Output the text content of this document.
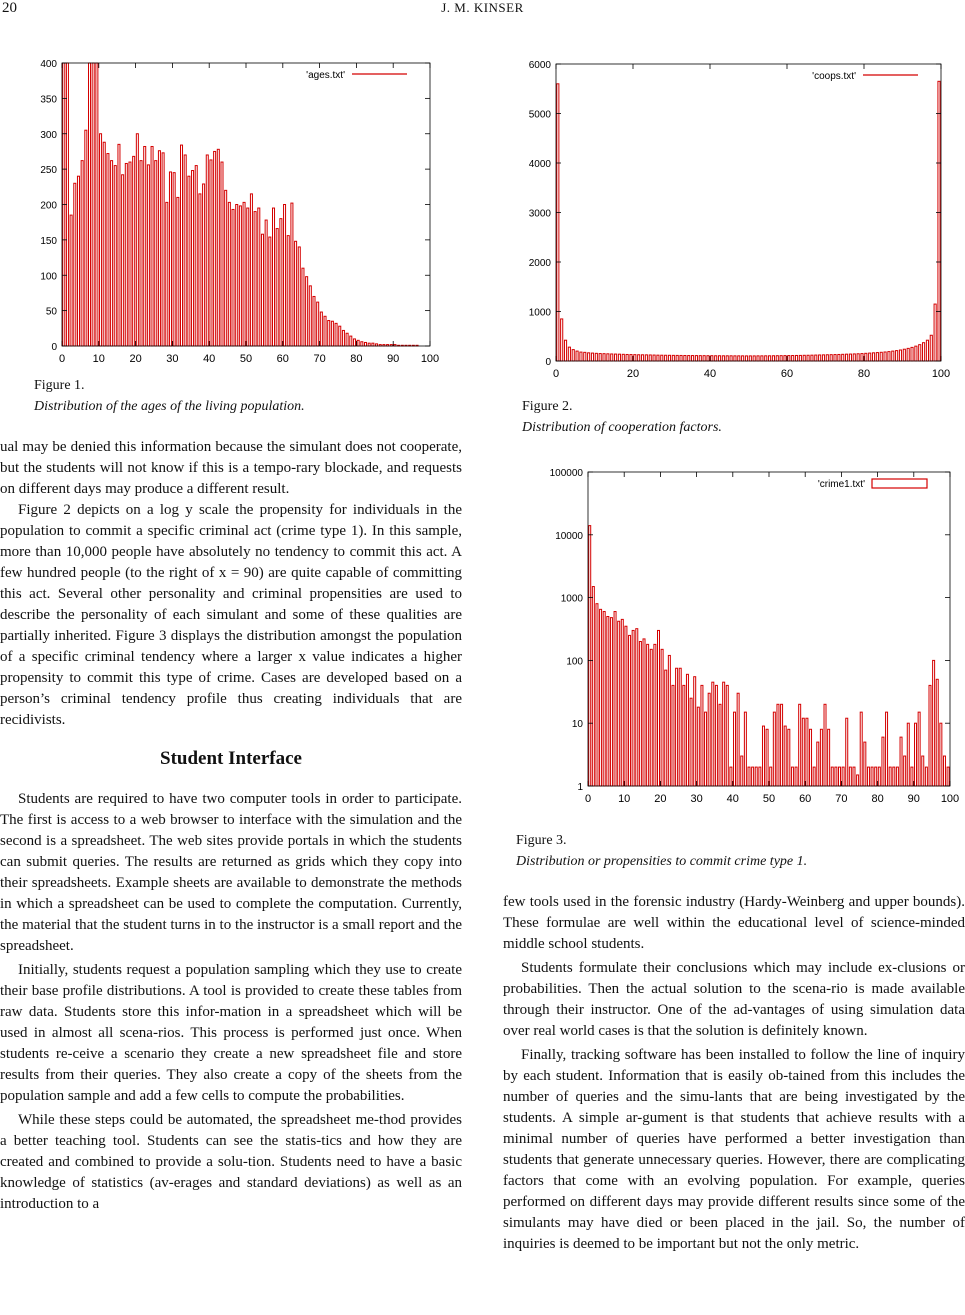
20	J. M. KINSER
0	10 20 30 40 50 60 70 80 90 100
0
50
100
150
200
250
300
350
400
'ages.txt'
Figure 1.
Distribution of the ages of the living population.
0	20	40	60	80	100
0
1000
2000
3000
4000
5000
6000
'coops.txt'
Figure 2.
Distribution of cooperation factors.
0 10 20 30 40 50 60 70 80 90 100
1
10
100
1000
10000
100000
'crime1.txt'
Figure 3.
Distribution or propensities to commit crime type 1.

ual may be denied this information because the simulant does not cooperate, but the students will not know if this is a tempo-rary blockade, and requests on different days may produce a different result.

Figure 2 depicts on a log y scale the propensity for individuals in the population to commit a specific criminal act (crime type 1). In this sample, more than 10,000 people have absolutely no tendency to commit this act. A few hundred people (to the right of x = 90) are quite capable of committing this act. Several other personality and criminal propensities are used to describe the personality of each simulant and some of these qualities are partially inherited. Figure 3 displays the distribution amongst the population of a specific criminal tendency where a larger x value indicates a higher propensity to commit this type of crime. Cases are developed based on a person’s criminal tendency profile thus creating individuals that are recidivists.

Student Interface

Students are required to have two computer tools in order to participate. The first is access to a web browser to interface with the simulation and the second is a spreadsheet. The web sites provide portals in which the students can submit queries. The results are returned as grids which they copy into their spreadsheets. Example sheets are available to demonstrate the methods in which a spreadsheet can be used to complete the computation. Currently, the material that the student turns in to the instructor is a small report and the spreadsheet.

Initially, students request a population sampling which they use to create their base profile distributions. A tool is provided to create these tables from raw data. Students store this infor-mation in a spreadsheet which will be used in almost all scena-rios. This process is performed just once. When students re-ceive a scenario they create a new spreadsheet file and store results from their queries. They also create a copy of the sheets from the population sample and add a few cells to compute the probabilities.

While these steps could be automated, the spreadsheet me-thod provides a better teaching tool. Students can see the statis-tics and how they are created and combined to provide a solu-tion. Students need to have a basic knowledge of statistics (av-erages and standard deviations) as well as an introduction to a

few tools used in the forensic industry (Hardy-Weinberg and upper bounds). These formulae are well within the educational level of science-minded middle school students.

Students formulate their conclusions which may include ex-clusions or probabilities. Then the actual solution to the scena-rio is made available through their instructor. One of the ad-vantages of using simulation data over real world cases is that the solution is definitely known.

Finally, tracking software has been installed to follow the line of inquiry by each student. Information that is easily ob-tained from this includes the number of queries and the simu-lants that are being investigated by the students. A simple ar-gument is that students that achieve results with a minimal number of queries have performed a better investigation than students that generate unnecessary queries. However, there are complicating factors that come with an evolving population. For example, queries performed on different days may provide different results since some of the simulants may have died or been placed in the jail. So, the number of inquiries is deemed to be important but not the only metric.
